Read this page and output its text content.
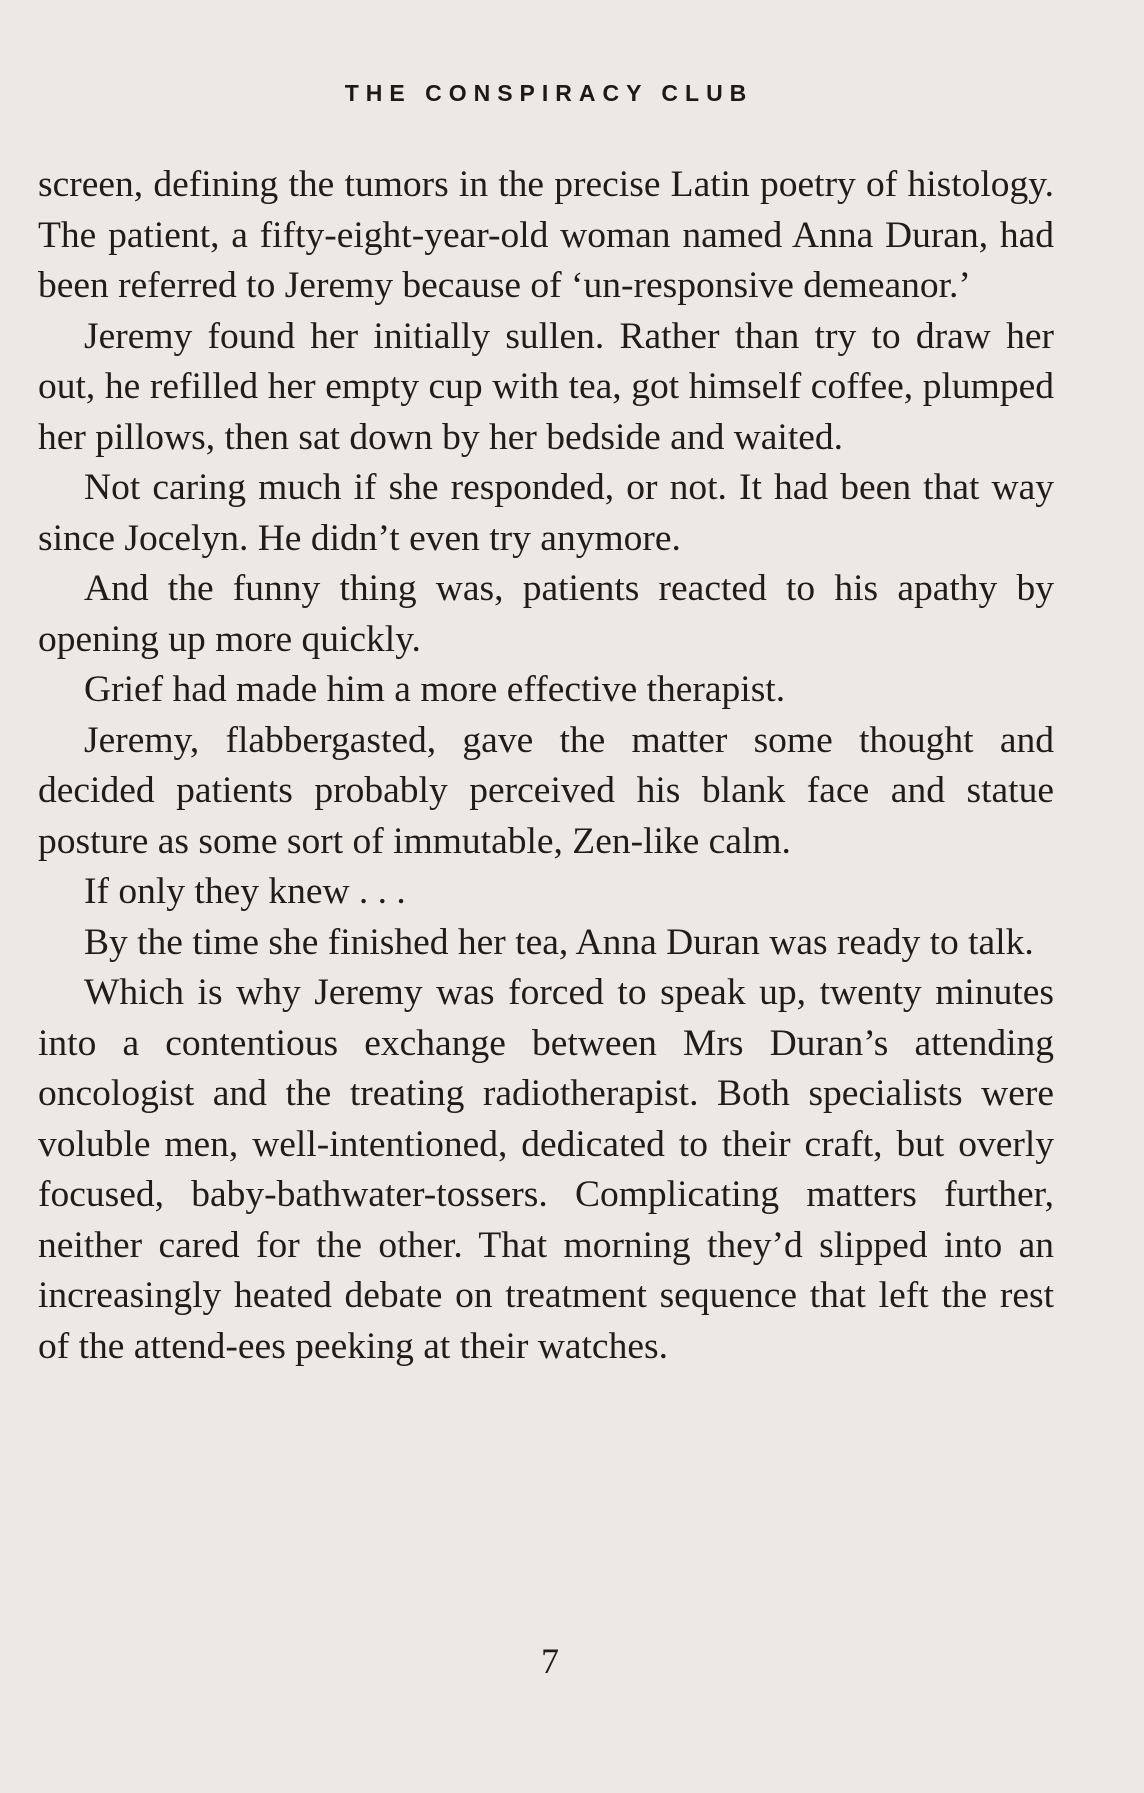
THE CONSPIRACY CLUB

screen, defining the tumors in the precise Latin poetry of histology. The patient, a fifty-eight-year-old woman named Anna Duran, had been referred to Jeremy because of ‘un-responsive demeanor.’

Jeremy found her initially sullen. Rather than try to draw her out, he refilled her empty cup with tea, got himself coffee, plumped her pillows, then sat down by her bedside and waited.

Not caring much if she responded, or not. It had been that way since Jocelyn. He didn’t even try anymore.

And the funny thing was, patients reacted to his apathy by opening up more quickly.

Grief had made him a more effective therapist.

Jeremy, flabbergasted, gave the matter some thought and decided patients probably perceived his blank face and statue posture as some sort of immutable, Zen-like calm.

If only they knew . . .

By the time she finished her tea, Anna Duran was ready to talk.

Which is why Jeremy was forced to speak up, twenty minutes into a contentious exchange between Mrs Duran’s attending oncologist and the treating radiotherapist. Both specialists were voluble men, well-intentioned, dedicated to their craft, but overly focused, baby-bathwater-tossers. Complicating matters further, neither cared for the other. That morning they’d slipped into an increasingly heated debate on treatment sequence that left the rest of the attend-ees peeking at their watches.

7
